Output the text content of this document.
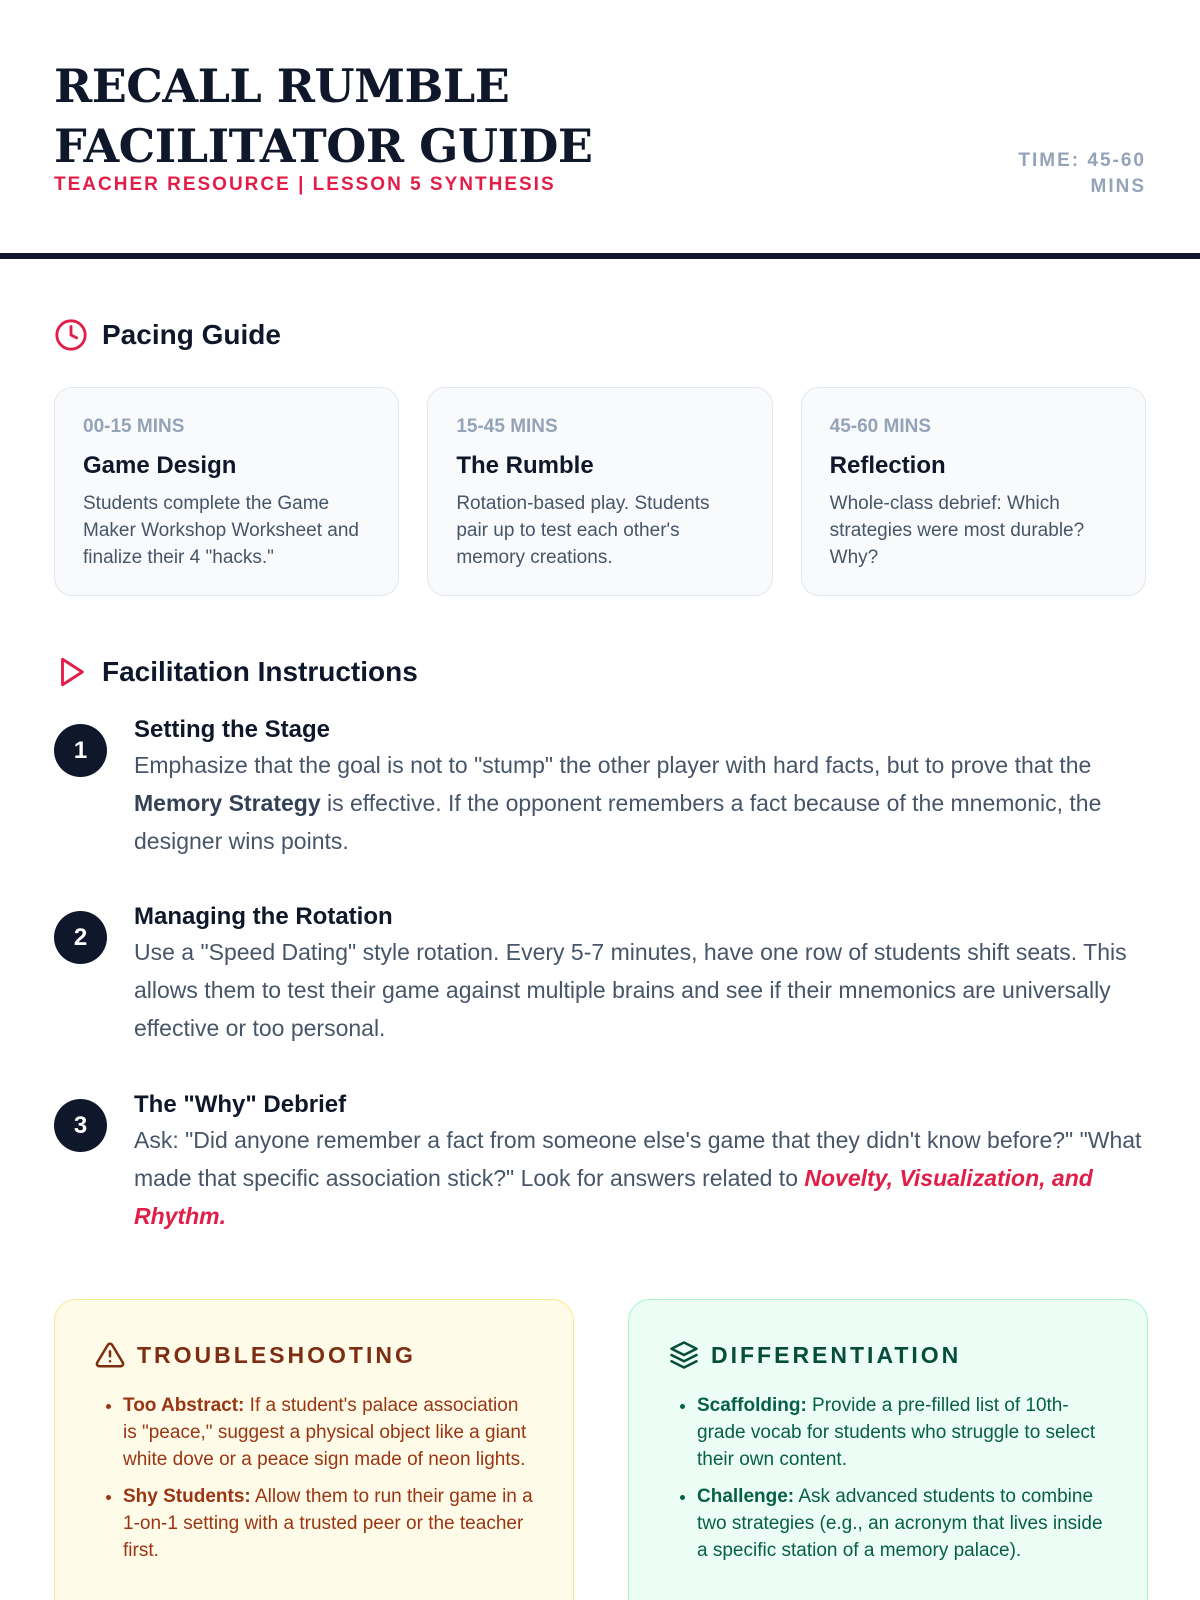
RECALL RUMBLE FACILITATOR GUIDE
TEACHER RESOURCE | LESSON 5 SYNTHESIS
TIME: 45-60 MINS
Pacing Guide
00-15 MINS
Game Design
Students complete the Game Maker Workshop Worksheet and finalize their 4 "hacks."
15-45 MINS
The Rumble
Rotation-based play. Students pair up to test each other's memory creations.
45-60 MINS
Reflection
Whole-class debrief: Which strategies were most durable? Why?
Facilitation Instructions
1
Setting the Stage
Emphasize that the goal is not to "stump" the other player with hard facts, but to prove that the Memory Strategy is effective. If the opponent remembers a fact because of the mnemonic, the designer wins points.
2
Managing the Rotation
Use a "Speed Dating" style rotation. Every 5-7 minutes, have one row of students shift seats. This allows them to test their game against multiple brains and see if their mnemonics are universally effective or too personal.
3
The "Why" Debrief
Ask: "Did anyone remember a fact from someone else's game that they didn't know before?" "What made that specific association stick?" Look for answers related to Novelty, Visualization, and Rhythm.
TROUBLESHOOTING
• Too Abstract: If a student's palace association is "peace," suggest a physical object like a giant white dove or a peace sign made of neon lights.
• Shy Students: Allow them to run their game in a 1-on-1 setting with a trusted peer or the teacher first.
DIFFERENTIATION
• Scaffolding: Provide a pre-filled list of 10th-grade vocab for students who struggle to select their own content.
• Challenge: Ask advanced students to combine two strategies (e.g., an acronym that lives inside a specific station of a memory palace).
